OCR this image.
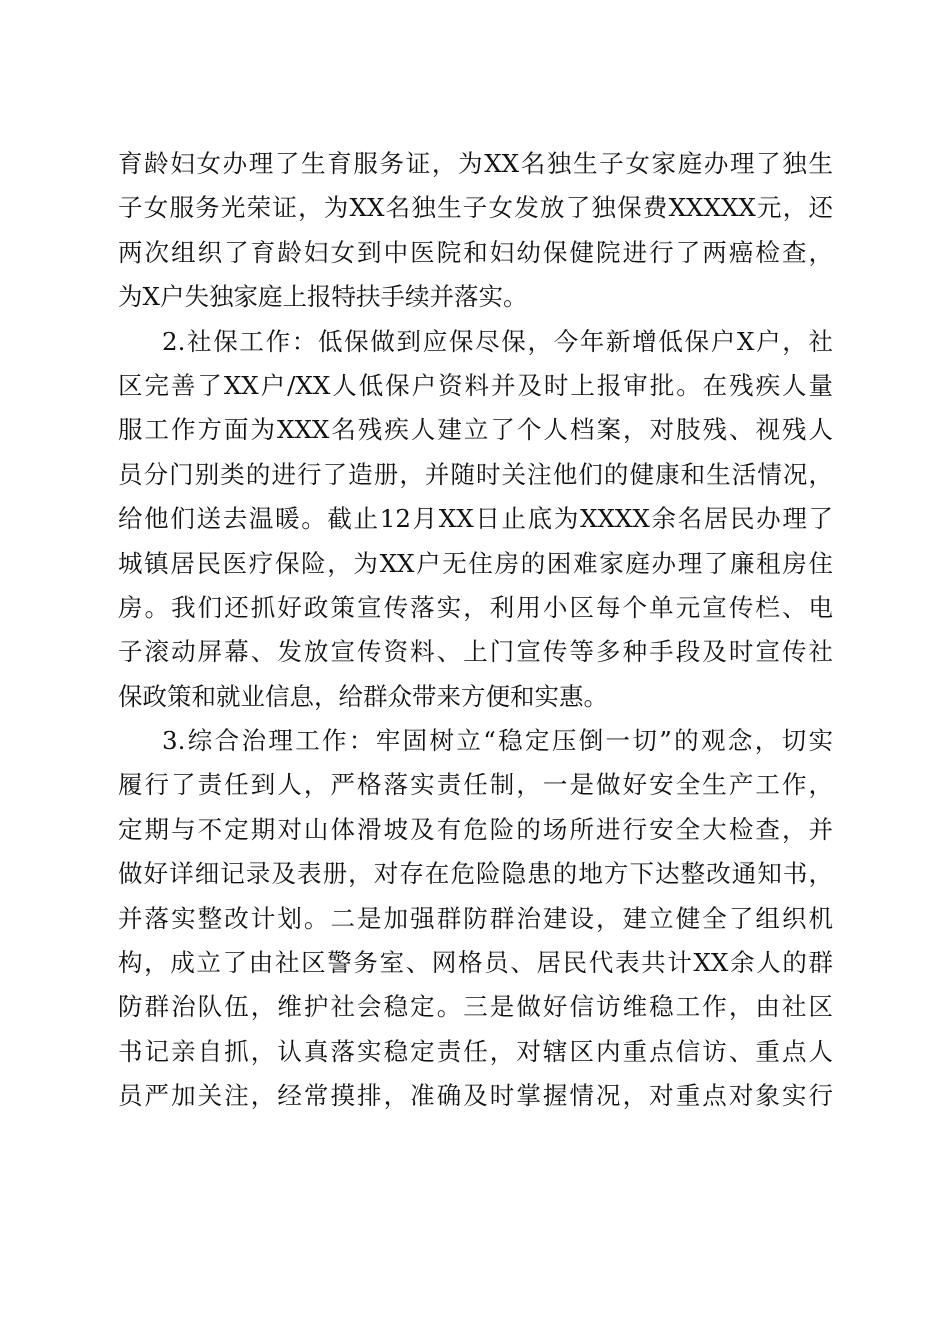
育龄妇女办理了生育服务证，为XX名独生子女家庭办理了独生
子女服务光荣证，为XX名独生子女发放了独保费XXXXX元，还
两次组织了育龄妇女到中医院和妇幼保健院进行了两癌检查，
为X户失独家庭上报特扶手续并落实。
2.社保工作：低保做到应保尽保，今年新增低保户X户，社
区完善了XX户/XX人低保户资料并及时上报审批。在残疾人量
服工作方面为XXX名残疾人建立了个人档案，对肢残、视残人
员分门别类的进行了造册，并随时关注他们的健康和生活情况，
给他们送去温暖。截止12月XX日止底为XXXX余名居民办理了
城镇居民医疗保险，为XX户无住房的困难家庭办理了廉租房住
房。我们还抓好政策宣传落实，利用小区每个单元宣传栏、电
子滚动屏幕、发放宣传资料、上门宣传等多种手段及时宣传社
保政策和就业信息，给群众带来方便和实惠。
3.综合治理工作：牢固树立“稳定压倒一切”的观念，切实
履行了责任到人，严格落实责任制，一是做好安全生产工作，
定期与不定期对山体滑坡及有危险的场所进行安全大检查，并
做好详细记录及表册，对存在危险隐患的地方下达整改通知书，
并落实整改计划。二是加强群防群治建设，建立健全了组织机
构，成立了由社区警务室、网格员、居民代表共计XX余人的群
防群治队伍，维护社会稳定。三是做好信访维稳工作，由社区
书记亲自抓，认真落实稳定责任，对辖区内重点信访、重点人
员严加关注，经常摸排，准确及时掌握情况，对重点对象实行
